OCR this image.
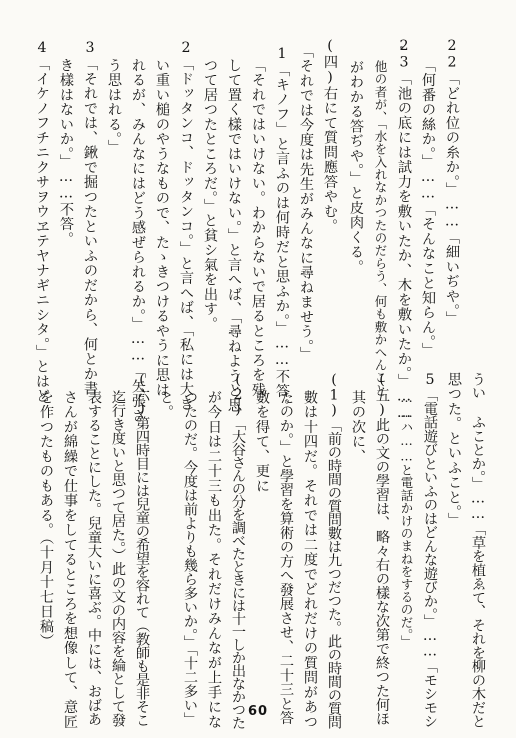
22「どれ位の糸か。」……「細いぢや。」
「何番の絲か。」……「そんなこと知らん。」
23「池の底には試力を敷いたか、木を敷いたか。」……
他の者が、「水を入れなかつたのだらう、何も敷かへんこと
がわかる答ぢや。」と皮肉くる。
(四)右にて質問應答やむ。
「それでは今度は先生がみんなに尋ねませう。」
1「キノフ」と言ふのは何時だと思ふか。」……不答。
「それではいけない。わからないで居るところを残
して置く樣ではいけない。」と言へば、「尋ねようと思
つて居つたところだ。」と貧シ氣を出す。
2「ドッタンコ、ドッタンコ。」と言へば、「私には大き
い重い槌のやうなもので、たゝきつけるやうに思は
れるが、みんなにはどう感ぜられるか。」……「矢張さ
う思はれる。」
3「それでは、鍬で掘つたといふのだから、何とか書
き樣はないか。」……不答。
4「イケノフチニクサヲウヱテヤナギニシタ。」とはど
うい ふことか。」……「草を植ゑて、それを柳の木だと
思つた。といふこと。」
5「電話遊びといふのはどんな遊びか。」……「モシモシ
……ハ……と電話かけのまねをするのだ。」
(五)此の文の學習は、略々右の樣な次第で終つた何ほ
其の次に、
(1)「前の時間の質問數は九つだつた。此の時間の質問
數は十四だ。それでは二度でどれだけの質問があつ
たのか。」と學習を算術の方へ發展させ、二十三と答
數を得て、更に
(2)「大谷さんの分を調べたときには十一しか出なかつた
が今日は二十三も出た。それだけみんなが上手にな
つたのだ。今度は前よりも幾ら多いか。」「十二多い」
と。
(六)第四時目には兒童の希望を容れて（教師も是非そこ
迄行き度いと思つて居た。）此の文の内容を綸として發
表することにした。兒童大いに喜ぶ。中には、おばあ
さんが綿繰で仕事をしてるところを想像して、意匠
を作つたものもある。（十月十七日稿）
60
